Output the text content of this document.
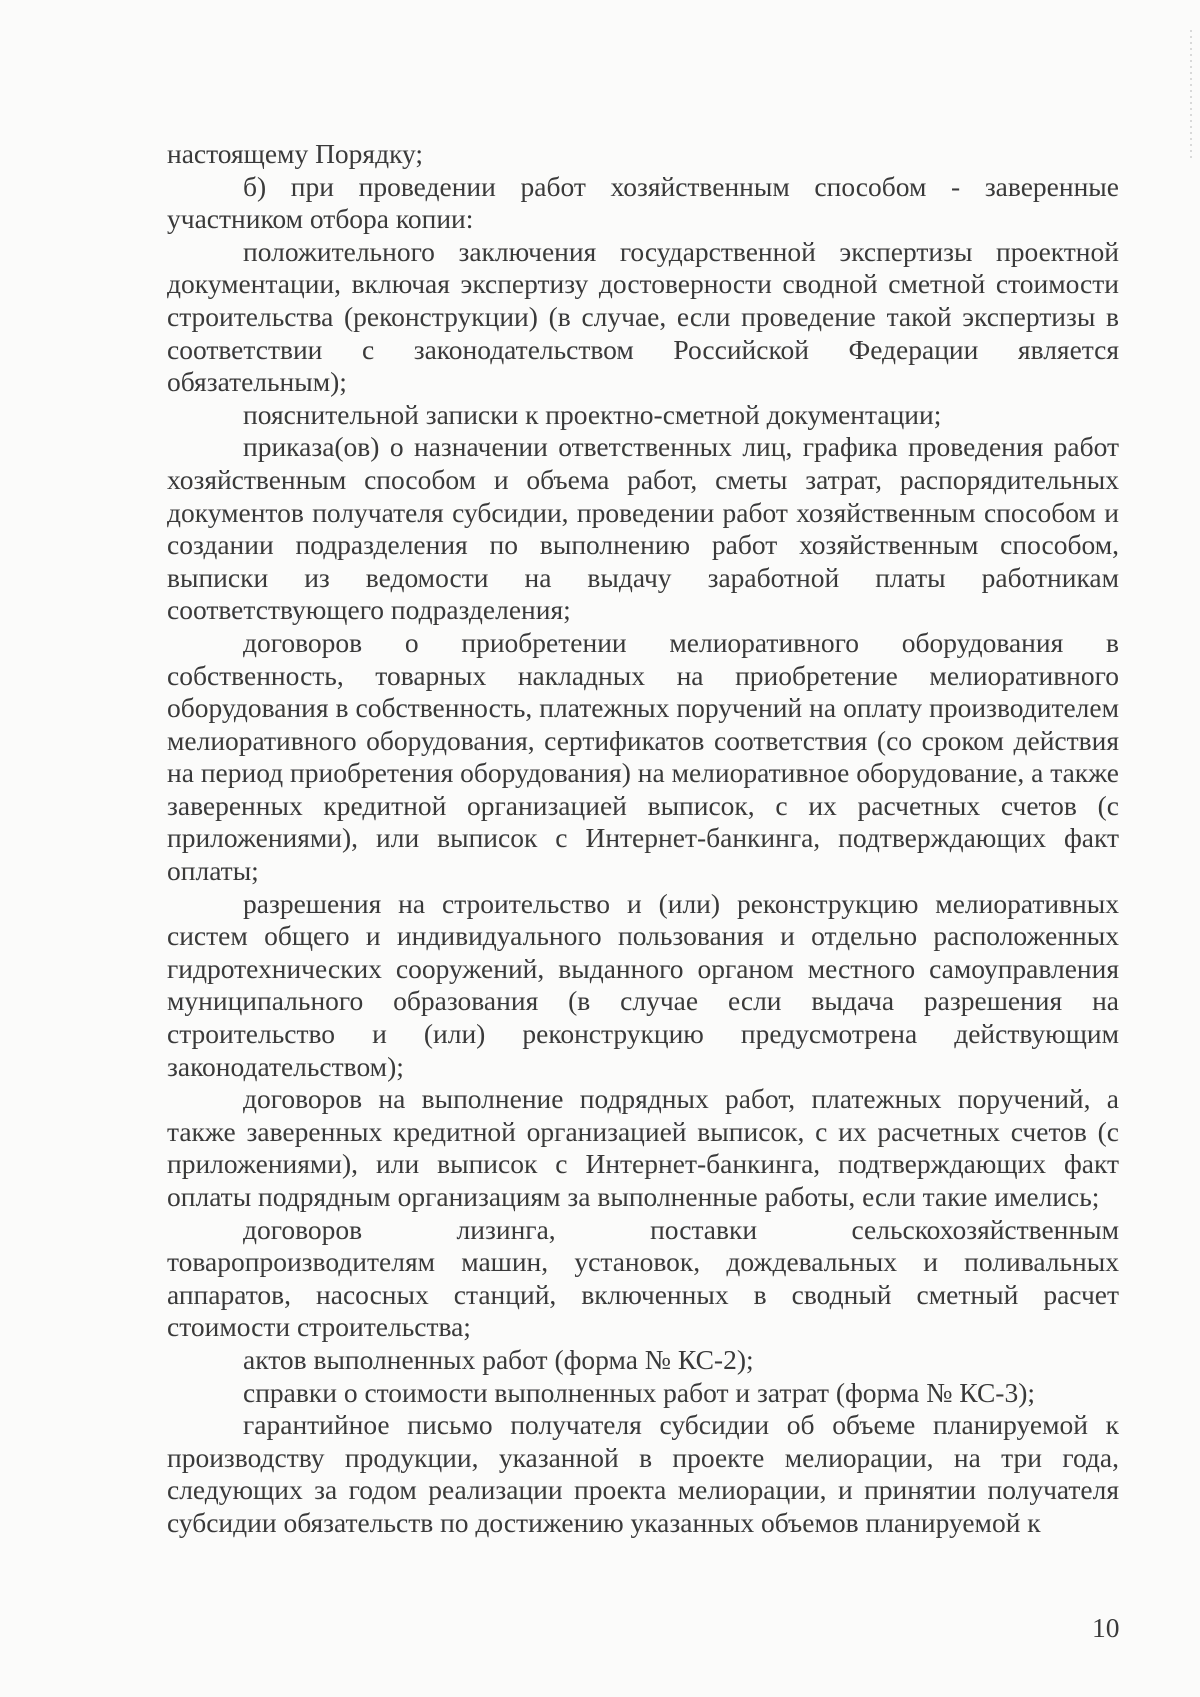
настоящему Порядку;

б) при проведении работ хозяйственным способом - заверенные участником отбора копии:

положительного заключения государственной экспертизы проектной документации, включая экспертизу достоверности сводной сметной стоимости строительства (реконструкции) (в случае, если проведение такой экспертизы в соответствии с законодательством Российской Федерации является обязательным);

пояснительной записки к проектно-сметной документации;

приказа(ов) о назначении ответственных лиц, графика проведения работ хозяйственным способом и объема работ, сметы затрат, распорядительных документов получателя субсидии, проведении работ хозяйственным способом и создании подразделения по выполнению работ хозяйственным способом, выписки из ведомости на выдачу заработной платы работникам соответствующего подразделения;

договоров о приобретении мелиоративного оборудования в собственность, товарных накладных на приобретение мелиоративного оборудования в собственность, платежных поручений на оплату производителем мелиоративного оборудования, сертификатов соответствия (со сроком действия на период приобретения оборудования) на мелиоративное оборудование, а также заверенных кредитной организацией выписок, с их расчетных счетов (с приложениями), или выписок с Интернет-банкинга, подтверждающих факт оплаты;

разрешения на строительство и (или) реконструкцию мелиоративных систем общего и индивидуального пользования и отдельно расположенных гидротехнических сооружений, выданного органом местного самоуправления муниципального образования (в случае если выдача разрешения на строительство и (или) реконструкцию предусмотрена действующим законодательством);

договоров на выполнение подрядных работ, платежных поручений, а также заверенных кредитной организацией выписок, с их расчетных счетов (с приложениями), или выписок с Интернет-банкинга, подтверждающих факт оплаты подрядным организациям за выполненные работы, если такие имелись;

договоров лизинга, поставки сельскохозяйственным товаропроизводителям машин, установок, дождевальных и поливальных аппаратов, насосных станций, включенных в сводный сметный расчет стоимости строительства;

актов выполненных работ (форма № КС-2);

справки о стоимости выполненных работ и затрат (форма № КС-3);

гарантийное письмо получателя субсидии об объеме планируемой к производству продукции, указанной в проекте мелиорации, на три года, следующих за годом реализации проекта мелиорации, и принятии получателя субсидии обязательств по достижению указанных объемов планируемой к

10
